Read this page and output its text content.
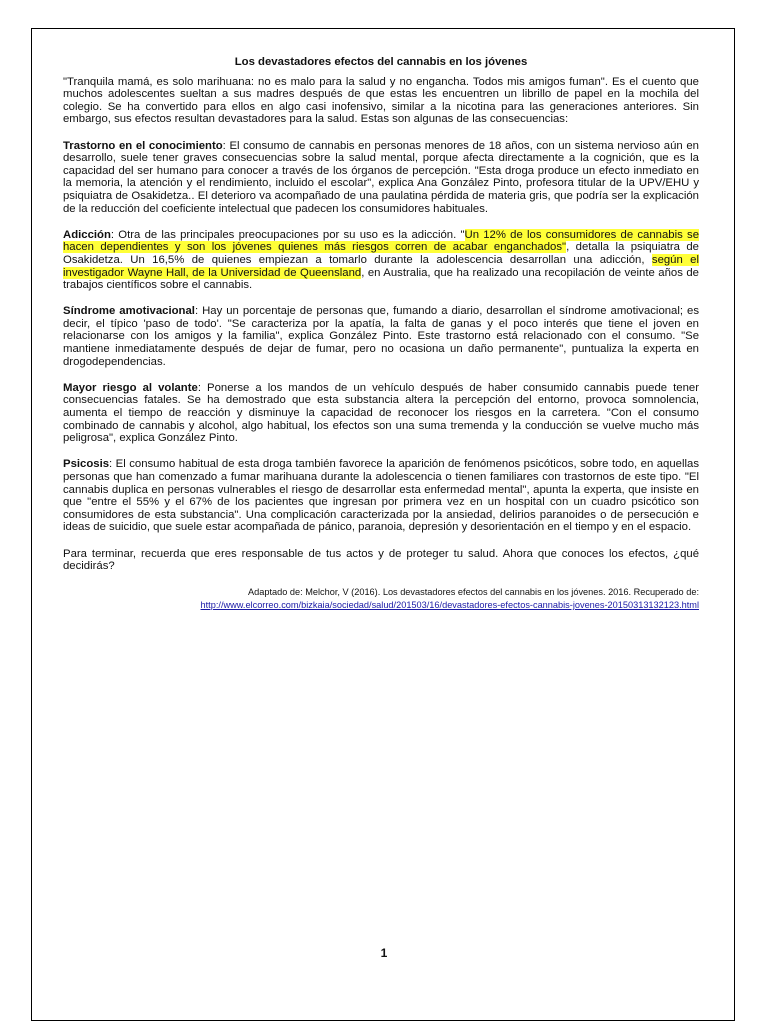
Los devastadores efectos del cannabis en los jóvenes
"Tranquila mamá, es solo marihuana: no es malo para la salud y no engancha. Todos mis amigos fuman". Es el cuento que muchos adolescentes sueltan a sus madres después de que estas les encuentren un librillo de papel en la mochila del colegio. Se ha convertido para ellos en algo casi inofensivo, similar a la nicotina para las generaciones anteriores. Sin embargo, sus efectos resultan devastadores para la salud. Estas son algunas de las consecuencias:
Trastorno en el conocimiento: El consumo de cannabis en personas menores de 18 años, con un sistema nervioso aún en desarrollo, suele tener graves consecuencias sobre la salud mental, porque afecta directamente a la cognición, que es la capacidad del ser humano para conocer a través de los órganos de percepción. "Esta droga produce un efecto inmediato en la memoria, la atención y el rendimiento, incluido el escolar", explica Ana González Pinto, profesora titular de la UPV/EHU y psiquiatra de Osakidetza.. El deterioro va acompañado de una paulatina pérdida de materia gris, que podría ser la explicación de la reducción del coeficiente intelectual que padecen los consumidores habituales.
Adicción: Otra de las principales preocupaciones por su uso es la adicción. "Un 12% de los consumidores de cannabis se hacen dependientes y son los jóvenes quienes más riesgos corren de acabar enganchados", detalla la psiquiatra de Osakidetza. Un 16,5% de quienes empiezan a tomarlo durante la adolescencia desarrollan una adicción, según el investigador Wayne Hall, de la Universidad de Queensland, en Australia, que ha realizado una recopilación de veinte años de trabajos científicos sobre el cannabis.
Síndrome amotivacional: Hay un porcentaje de personas que, fumando a diario, desarrollan el síndrome amotivacional; es decir, el típico 'paso de todo'. "Se caracteriza por la apatía, la falta de ganas y el poco interés que tiene el joven en relacionarse con los amigos y la familia", explica González Pinto. Este trastorno está relacionado con el consumo. "Se mantiene inmediatamente después de dejar de fumar, pero no ocasiona un daño permanente", puntualiza la experta en drogodependencias.
Mayor riesgo al volante: Ponerse a los mandos de un vehículo después de haber consumido cannabis puede tener consecuencias fatales. Se ha demostrado que esta substancia altera la percepción del entorno, provoca somnolencia, aumenta el tiempo de reacción y disminuye la capacidad de reconocer los riesgos en la carretera. "Con el consumo combinado de cannabis y alcohol, algo habitual, los efectos son una suma tremenda y la conducción se vuelve mucho más peligrosa", explica González Pinto.
Psicosis: El consumo habitual de esta droga también favorece la aparición de fenómenos psicóticos, sobre todo, en aquellas personas que han comenzado a fumar marihuana durante la adolescencia o tienen familiares con trastornos de este tipo. "El cannabis duplica en personas vulnerables el riesgo de desarrollar esta enfermedad mental", apunta la experta, que insiste en que "entre el 55% y el 67% de los pacientes que ingresan por primera vez en un hospital con un cuadro psicótico son consumidores de esta substancia". Una complicación caracterizada por la ansiedad, delirios paranoides o de persecución e ideas de suicidio, que suele estar acompañada de pánico, paranoia, depresión y desorientación en el tiempo y en el espacio.
Para terminar, recuerda que eres responsable de tus actos y de proteger tu salud. Ahora que conoces los efectos, ¿qué decidirás?
Adaptado de: Melchor, V (2016). Los devastadores efectos del cannabis en los jóvenes. 2016. Recuperado de:
http://www.elcorreo.com/bizkaia/sociedad/salud/201503/16/devastadores-efectos-cannabis-jovenes-20150313132123.html
1
